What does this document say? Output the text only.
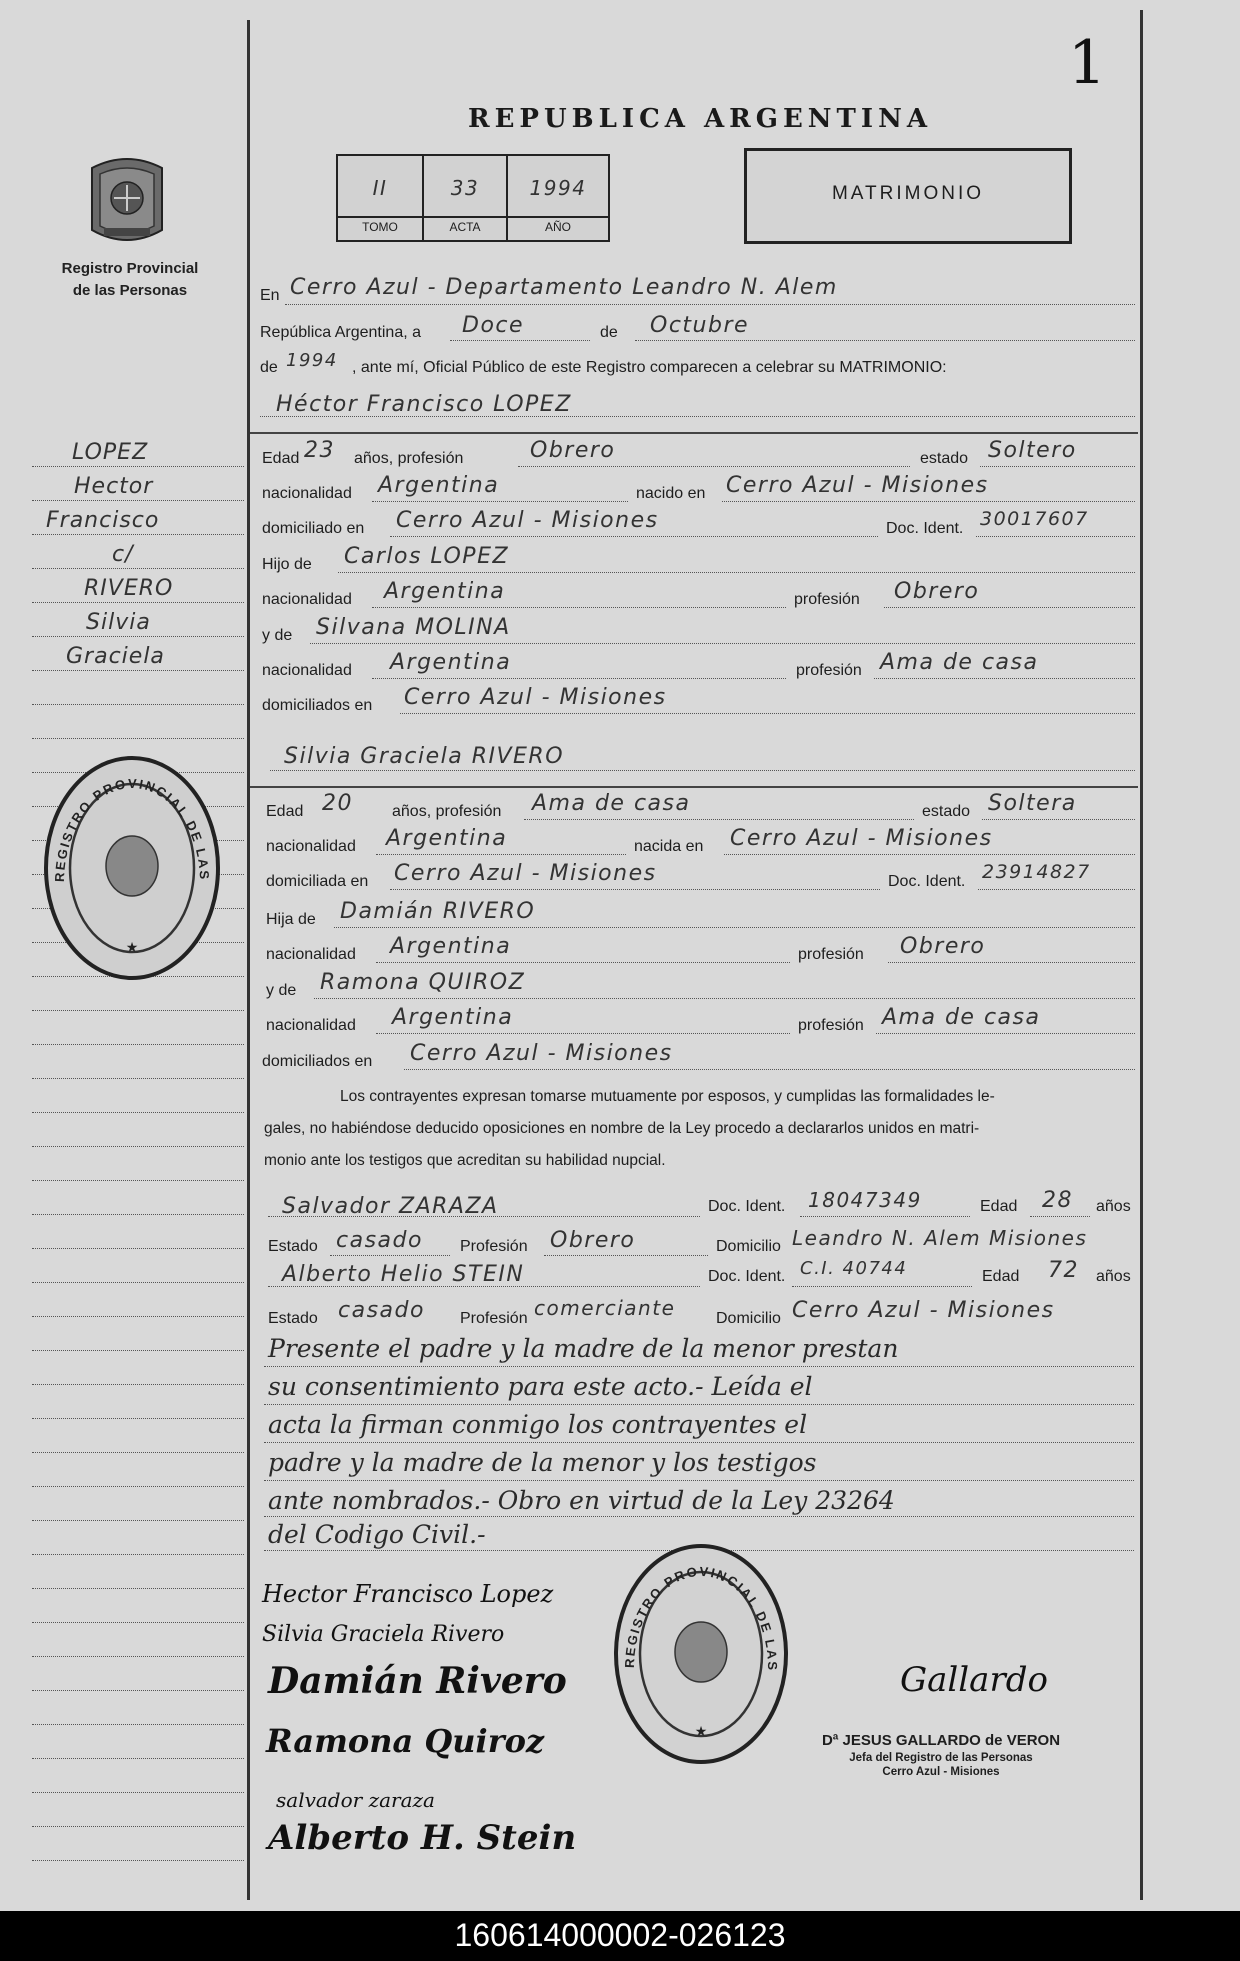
1
REPUBLICA ARGENTINA
Registro Provincial
de las Personas
II	33	1994
TOMO	ACTA	AÑO
MATRIMONIO
LOPEZ
Hector
Francisco
c/
RIVERO
Silvia
Graciela
REGISTRO PROVINCIAL DE LAS
★
En Cerro Azul - Departamento Leandro N. Alem
República Argentina, a Doce	de Octubre
de 1994 , ante mí, Oficial Público de este Registro comparecen a celebrar su MATRIMONIO:
Héctor Francisco LOPEZ
Edad 23 años, profesión	Obrero	estado Soltero
nacionalidad Argentina	nacido en Cerro Azul - Misiones
domiciliado en Cerro Azul - Misiones	Doc. Ident. 30017607
Hijo de Carlos LOPEZ
nacionalidad Argentina	profesión Obrero
y de Silvana MOLINA
nacionalidad Argentina	profesión Ama de casa
domiciliados en Cerro Azul - Misiones
Silvia Graciela RIVERO
Edad 20 años, profesión Ama de casa	estado Soltera
nacionalidad Argentina	nacida en Cerro Azul - Misiones
domiciliada en Cerro Azul - Misiones	Doc. Ident. 23914827
Hija de Damián RIVERO
nacionalidad Argentina	profesión Obrero
y de Ramona QUIROZ
nacionalidad Argentina	profesión Ama de casa
domiciliados en Cerro Azul - Misiones
Los contrayentes expresan tomarse mutuamente por esposos, y cumplidas las formalidades le-
gales, no habiéndose deducido oposiciones en nombre de la Ley procedo a declararlos unidos en matri-
monio ante los testigos que acreditan su habilidad nupcial.
Salvador ZARAZA	Doc. Ident. 18047349	Edad 28 años
Estado casado Profesión Obrero	Domicilio Leandro N. Alem Misiones
Alberto Helio STEIN	Doc. Ident. C.I. 40744	Edad 72 años
Estado casado Profesión comerciante	Domicilio Cerro Azul - Misiones
Presente el padre y la madre de la menor prestan
su consentimiento para este acto.- Leída el
acta la firman conmigo los contrayentes el
padre y la madre de la menor y los testigos
ante nombrados.- Obro en virtud de la Ley 23264
del Codigo Civil.-
REGISTRO PROVINCIAL DE LAS
★
Hector Francisco Lopez
Silvia Graciela Rivero
Damián Rivero
Ramona Quiroz
salvador zaraza
Alberto H. Stein
Gallardo
Dª JESUS GALLARDO de VERON
Jefa del Registro de las Personas
Cerro Azul - Misiones
160614000002-026123
